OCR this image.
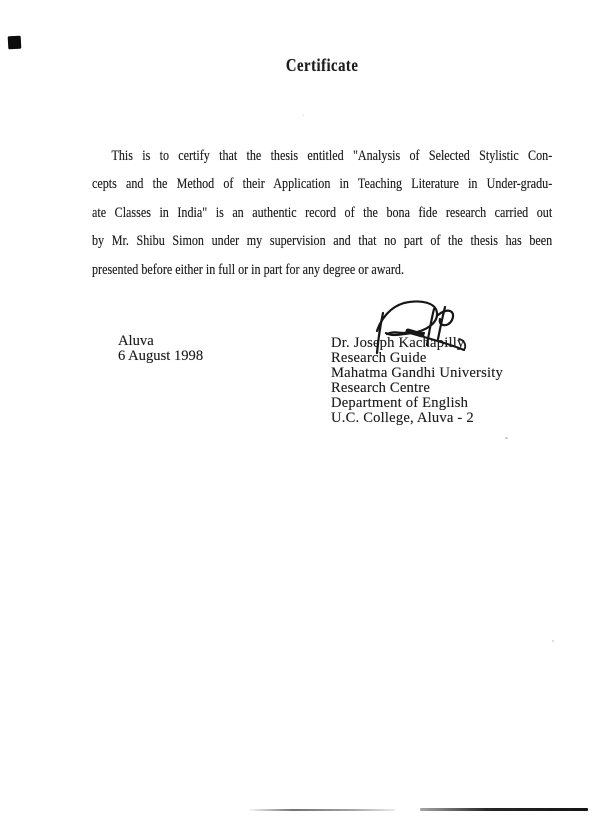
Certificate
This is to certify that the thesis entitled "Analysis of Selected Stylistic Con-
cepts and the Method of their Application in Teaching Literature in Under-gradu-
ate Classes in India" is an authentic record of the bona fide research carried out
by Mr. Shibu Simon under my supervision and that no part of the thesis has been
presented before either in full or in part for any degree or award.
Aluva
6 August 1998
Dr. Joseph Kachapilly
Research Guide
Mahatma Gandhi University
Research Centre
Department of English
U.C. College, Aluva - 2
